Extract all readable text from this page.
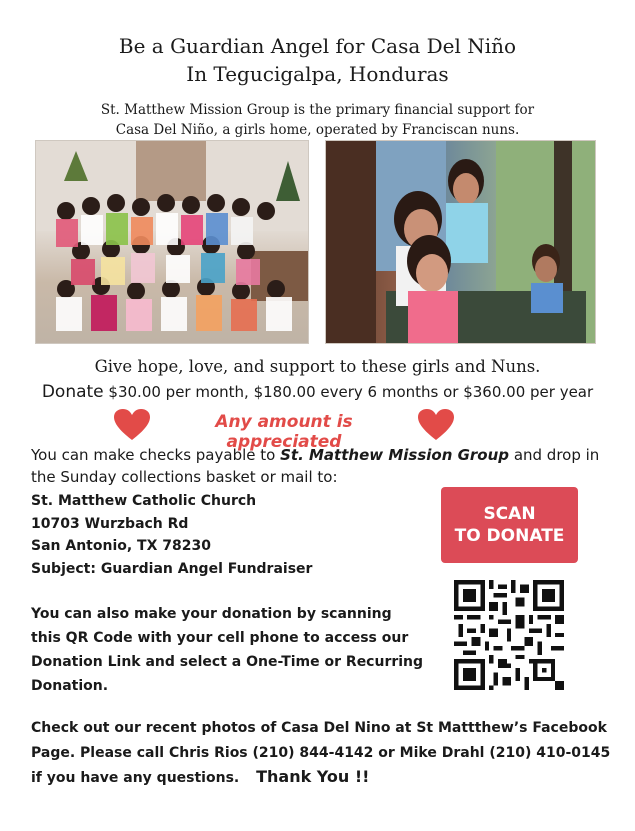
Be a Guardian Angel for Casa Del Niño
In Tegucigalpa, Honduras
St. Matthew Mission Group is the primary financial support for
Casa Del Niño, a girls home, operated by Franciscan nuns.
Give hope, love, and support to these girls and Nuns.
Donate $30.00 per month, $180.00 every 6 months or $360.00 per year
Any amount is appreciated
You can make checks payable to St. Matthew Mission Group and drop in the Sunday collections basket or mail to:
St. Matthew Catholic Church
10703 Wurzbach Rd
San Antonio, TX 78230
Subject: Guardian Angel Fundraiser
SCAN
TO DONATE
You can also make your donation by scanning this QR Code with your cell phone to access our Donation Link and select a One-Time or Recurring Donation.
Check out our recent photos of Casa Del Nino at St Mattthew’s Facebook Page. Please call Chris Rios (210) 844-4142 or Mike Drahl (210) 410-0145 if you have any questions. Thank You !!
